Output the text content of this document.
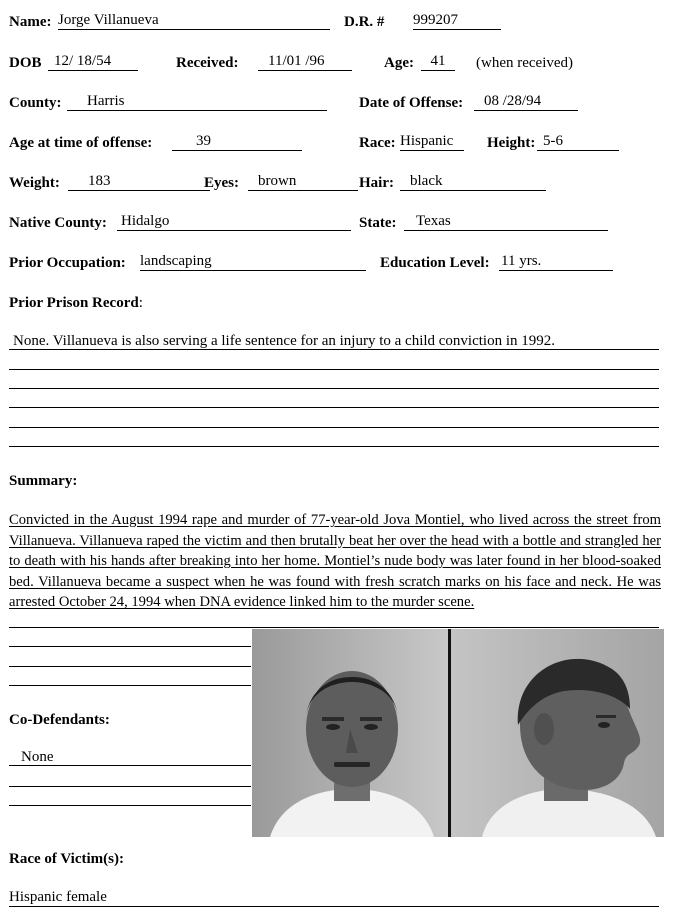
Name: Jorge Villanueva	D.R. # 999207
DOB 12/ 18/54	Received:	11/01 /96	Age:	41	(when received)
County:	Harris	Date of Offense:	08 /28/94
Age at time of offense:	39	Race: Hispanic	Height: 5-6
Weight:	183	Eyes:	brown	Hair:	black
Native County: Hidalgo	State:	Texas
Prior Occupation: landscaping	Education Level: 11 yrs.
Prior Prison Record:
None. Villanueva is also serving a life sentence for an injury to a child conviction in 1992.
Summary:
Convicted in the August 1994 rape and murder of 77-year-old Jova Montiel, who lived across the street from Villanueva. Villanueva raped the victim and then brutally beat her over the head with a bottle and strangled her to death with his hands after breaking into her home. Montiel’s nude body was later found in her blood-soaked bed. Villanueva became a suspect when he was found with fresh scratch marks on his face and neck. He was arrested October 24, 1994 when DNA evidence linked him to the murder scene.
Co-Defendants:
None
Race of Victim(s):
Hispanic female
